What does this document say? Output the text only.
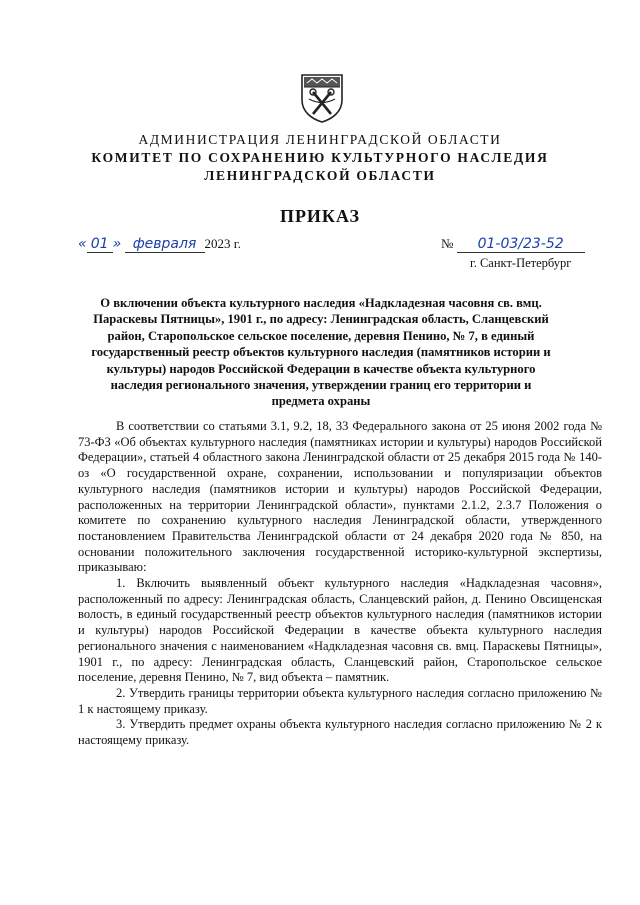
АДМИНИСТРАЦИЯ ЛЕНИНГРАДСКОЙ ОБЛАСТИ
КОМИТЕТ ПО СОХРАНЕНИЮ КУЛЬТУРНОГО НАСЛЕДИЯ
ЛЕНИНГРАДСКОЙ ОБЛАСТИ
ПРИКАЗ
« 01 » февраля 2023 г.	№ 01-03/23-52
г. Санкт-Петербург
О включении объекта культурного наследия «Надкладезная часовня св. вмц. Параскевы Пятницы», 1901 г., по адресу: Ленинградская область, Сланцевский район, Старопольское сельское поселение, деревня Пенино, № 7, в единый государственный реестр объектов культурного наследия (памятников истории и культуры) народов Российской Федерации в качестве объекта культурного наследия регионального значения, утверждении границ его территории и предмета охраны

В соответствии со статьями 3.1, 9.2, 18, 33 Федерального закона от 25 июня 2002 года № 73-ФЗ «Об объектах культурного наследия (памятниках истории и культуры) народов Российской Федерации», статьей 4 областного закона Ленинградской области от 25 декабря 2015 года № 140-оз «О государственной охране, сохранении, использовании и популяризации объектов культурного наследия (памятников истории и культуры) народов Российской Федерации, расположенных на территории Ленинградской области», пунктами 2.1.2, 2.3.7 Положения о комитете по сохранению культурного наследия Ленинградской области, утвержденного постановлением Правительства Ленинградской области от 24 декабря 2020 года № 850, на основании положительного заключения государственной историко-культурной экспертизы, приказываю:

1. Включить выявленный объект культурного наследия «Надкладезная часовня», расположенный по адресу: Ленинградская область, Сланцевский район, д. Пенино Овсищенская волость, в единый государственный реестр объектов культурного наследия (памятников истории и культуры) народов Российской Федерации в качестве объекта культурного наследия регионального значения с наименованием «Надкладезная часовня св. вмц. Параскевы Пятницы», 1901 г., по адресу: Ленинградская область, Сланцевский район, Старопольское сельское поселение, деревня Пенино, № 7, вид объекта – памятник.

2. Утвердить границы территории объекта культурного наследия согласно приложению № 1 к настоящему приказу.

3. Утвердить предмет охраны объекта культурного наследия согласно приложению № 2 к настоящему приказу.
